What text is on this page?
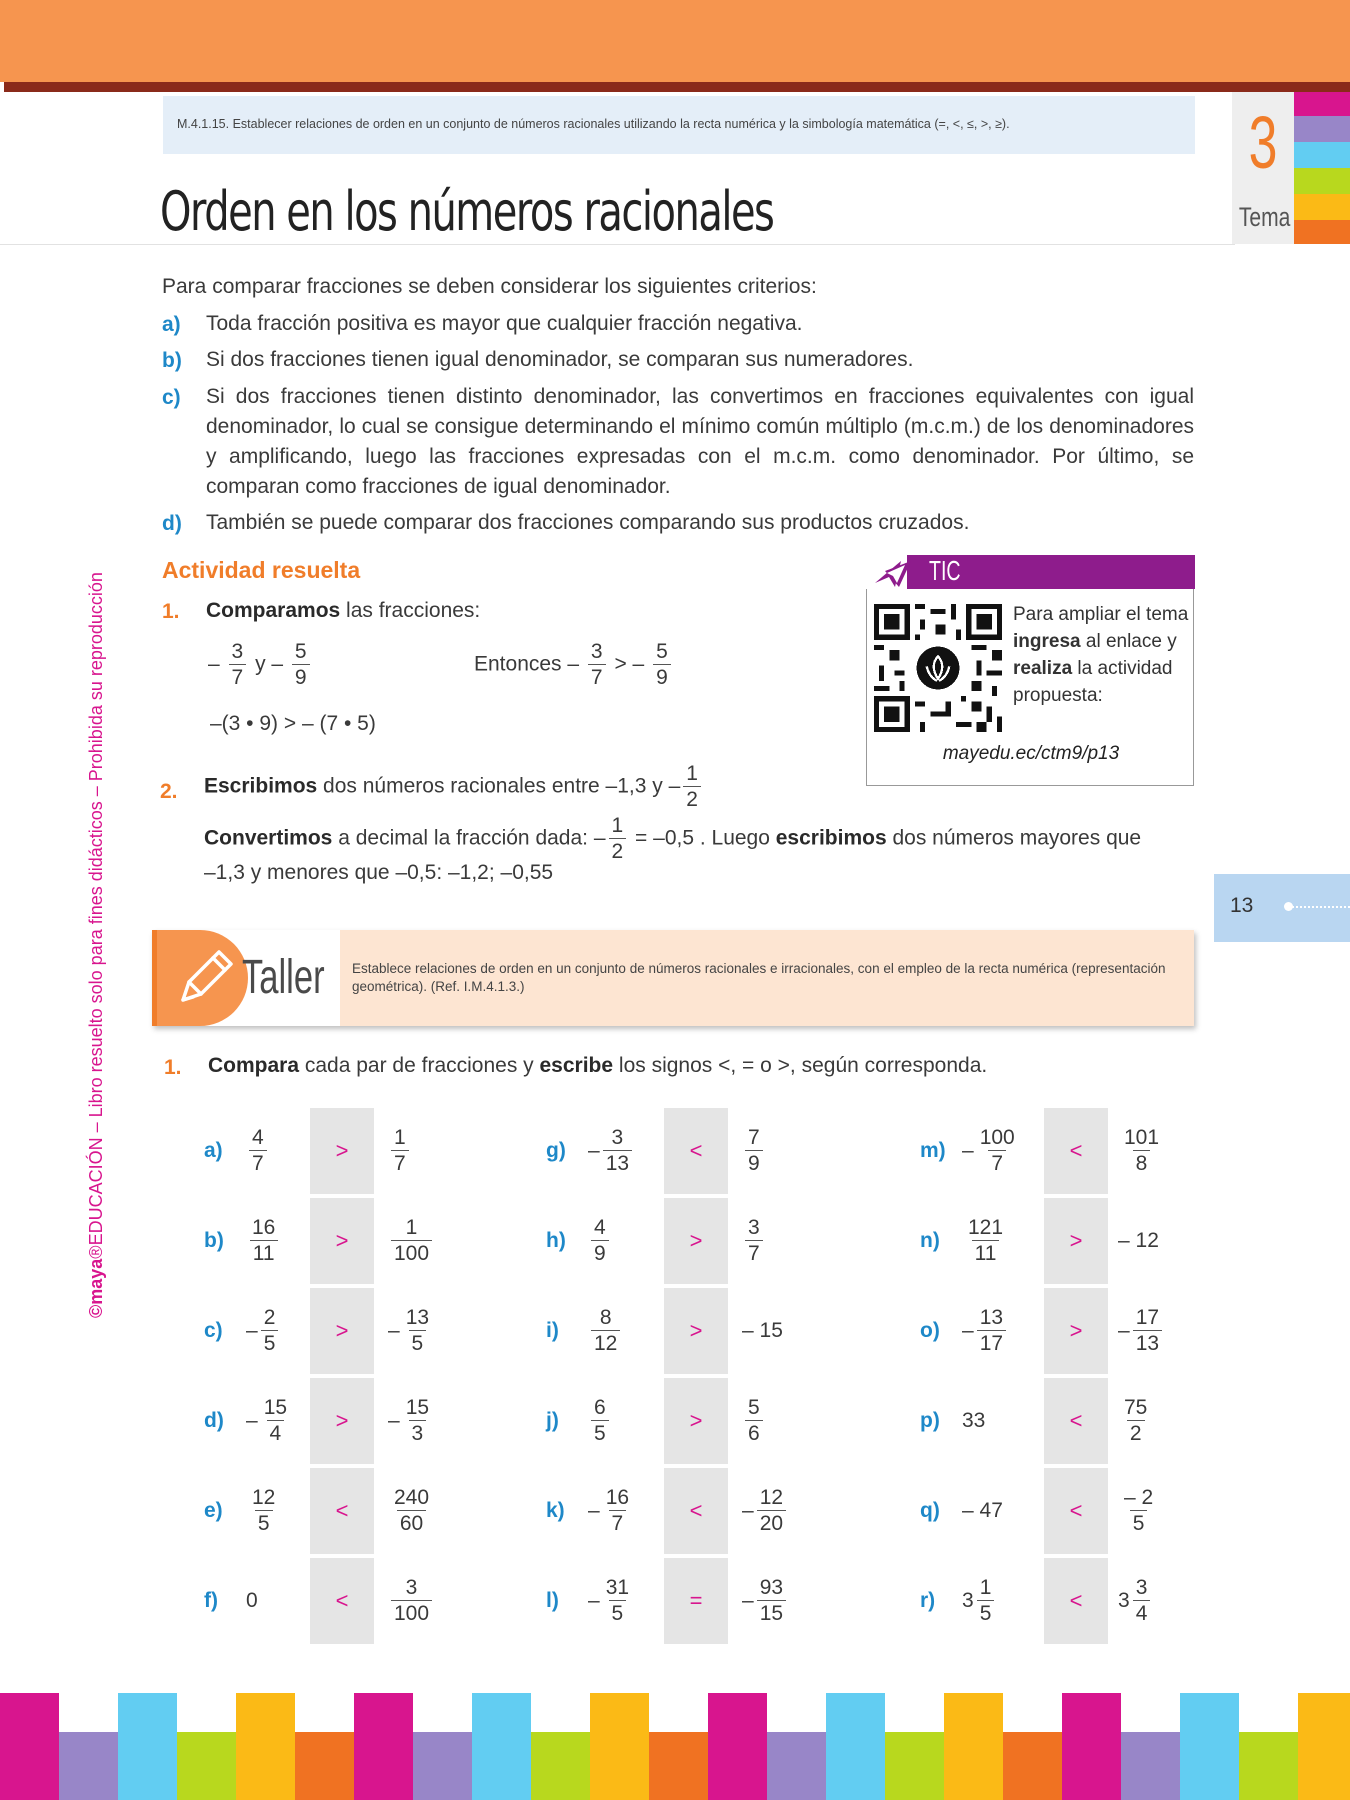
M.4.1.15. Establecer relaciones de orden en un conjunto de números racionales utilizando la recta numérica y la simbología matemática (=, <, ≤, >, ≥).
Orden en los números racionales
3
Tema
©maya®EDUCACIÓN – Libro resuelto solo para fines didácticos – Prohibida su reproducción
Para comparar fracciones se deben considerar los siguientes criterios:
a) Toda fracción positiva es mayor que cualquier fracción negativa.
b) Si dos fracciones tienen igual denominador, se comparan sus numeradores.
c) Si dos fracciones tienen distinto denominador, las convertimos en fracciones equivalentes con igual denominador, lo cual se consigue determinando el mínimo común múltiplo (m.c.m.) de los denominadores y amplificando, luego las fracciones expresadas con el m.c.m. como denominador. Por último, se comparan como fracciones de igual denominador.
d) También se puede comparar dos fracciones comparando sus productos cruzados.
Actividad resuelta
1. Comparamos las fracciones:
– $\frac{3}{7}$ y – $\frac{5}{9}$
–(3 • 9) > – (7 • 5)
Entonces – $\frac{3}{7}$ > – $\frac{5}{9}$
2. Escribimos dos números racionales entre –1,3 y – $\frac{1}{2}$
Convertimos a decimal la fracción dada: – $\frac{1}{2} = -0,5$ . Luego escribimos dos números mayores que
–1,3 y menores que –0,5: –1,2; –0,55
TIC
Para ampliar el tema ingresa al enlace y realiza la actividad propuesta:
mayedu.ec/ctm9/p13
13
Taller Establece relaciones de orden en un conjunto de números racionales e irracionales, con el empleo de la recta numérica (representación geométrica). (Ref. I.M.4.1.3.)
1. Compara cada par de fracciones y escribe los signos <, = o >, según corresponda.
a)	$\frac{4}{7}$	>	$\frac{1}{7}$
b)	$\frac{16}{11}$	>	$\frac{1}{100}$
c)	– $\frac{2}{5}$	>	– $\frac{13}{5}$
d)	– $\frac{15}{4}$	>	– $\frac{15}{3}$
e)	$\frac{12}{5}$	<	$\frac{240}{60}$
f)	0	<	$\frac{3}{100}$
g)	– $\frac{3}{13}$	<	$\frac{7}{9}$
h)	$\frac{4}{9}$	>	$\frac{3}{7}$
i)	$\frac{8}{12}$	>	– 15
j)	$\frac{6}{5}$	>	$\frac{5}{6}$
k)	– $\frac{16}{7}$	<	– $\frac{12}{20}$
l)	– $\frac{31}{5}$	=	– $\frac{93}{15}$
$m) - \frac{100}{7}$	<	$\frac{101}{8}$
n)	$\frac{121}{11}$	>	– 12
o)	– $\frac{13}{17}$	>	– $\frac{17}{13}$
p)	33	<	$\frac{75}{2}$
q)	– 47	<	$\frac{- 2}{5}$
r)	$3 \frac{1}{5}$	<	$3 \frac{3}{4}$
